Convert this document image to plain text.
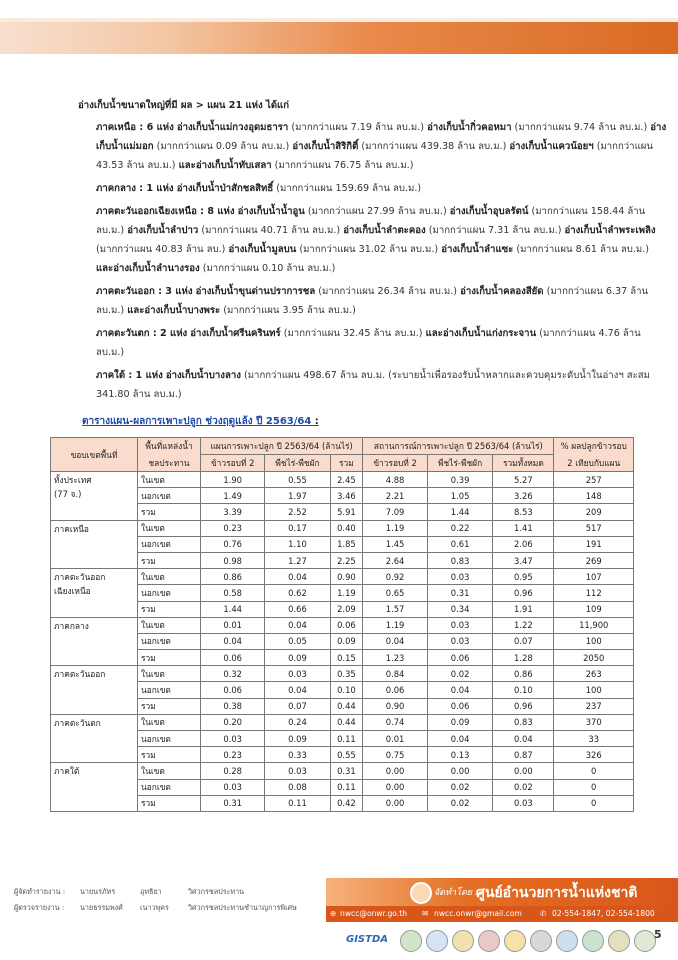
อ่างเก็บน้ำขนาดใหญ่ที่มี ผล > แผน 21 แห่ง ได้แก่
ภาคเหนือ : 6 แห่ง อ่างเก็บน้ำแม่กวงอุดมธารา (มากกว่าแผน 7.19 ล้าน ลบ.ม.) อ่างเก็บน้ำกิ่วคอหมา (มากกว่าแผน 9.74 ล้าน ลบ.ม.) อ่างเก็บน้ำแม่มอก (มากกว่าแผน 0.09 ล้าน ลบ.ม.) อ่างเก็บน้ำสิริกิติ์ (มากกว่าแผน 439.38 ล้าน ลบ.ม.) อ่างเก็บน้ำแควน้อยฯ (มากกว่าแผน 43.53 ล้าน ลบ.ม.) และอ่างเก็บน้ำทับเสลา (มากกว่าแผน 76.75 ล้าน ลบ.ม.)
ภาคกลาง : 1 แห่ง อ่างเก็บน้ำป่าสักชลสิทธิ์ (มากกว่าแผน 159.69 ล้าน ลบ.ม.)
ภาคตะวันออกเฉียงเหนือ : 8 แห่ง อ่างเก็บน้ำน้ำอูน (มากกว่าแผน 27.99 ล้าน ลบ.ม.) อ่างเก็บน้ำอุบลรัตน์ (มากกว่าแผน 158.44 ล้าน ลบ.ม.) อ่างเก็บน้ำลำปาว (มากกว่าแผน 40.71 ล้าน ลบ.ม.) อ่างเก็บน้ำลำตะคอง (มากกว่าแผน 7.31 ล้าน ลบ.ม.) อ่างเก็บน้ำลำพระเพลิง (มากกว่าแผน 40.83 ล้าน ลบ.) อ่างเก็บน้ำมูลบน (มากกว่าแผน 31.02 ล้าน ลบ.ม.) อ่างเก็บน้ำลำแซะ (มากกว่าแผน 8.61 ล้าน ลบ.ม.) และอ่างเก็บน้ำลำนางรอง (มากกว่าแผน 0.10 ล้าน ลบ.ม.)
ภาคตะวันออก : 3 แห่ง อ่างเก็บน้ำขุนด่านปราการชล (มากกว่าแผน 26.34 ล้าน ลบ.ม.) อ่างเก็บน้ำคลองสียัด (มากกว่าแผน 6.37 ล้าน ลบ.ม.) และอ่างเก็บน้ำบางพระ (มากกว่าแผน 3.95 ล้าน ลบ.ม.)
ภาคตะวันตก : 2 แห่ง อ่างเก็บน้ำศรีนครินทร์ (มากกว่าแผน 32.45 ล้าน ลบ.ม.) และอ่างเก็บน้ำแก่งกระจาน (มากกว่าแผน 4.76 ล้าน ลบ.ม.)
ภาคใต้ : 1 แห่ง อ่างเก็บน้ำบางลาง (มากกว่าแผน 498.67 ล้าน ลบ.ม. (ระบายน้ำเพื่อรองรับน้ำหลากและควบคุมระดับน้ำในอ่างฯ สะสม 341.80 ล้าน ลบ.ม.)
ตารางแผน-ผลการเพาะปลูก ช่วงฤดูแล้ง ปี 2563/64 :
ขอบเขตพื้นที่	พื้นที่แหล่งน้ำ	แผนการเพาะปลูก ปี 2563/64 (ล้านไร่)			สถานการณ์การเพาะปลูก ปี 2563/64 (ล้านไร่)			% ผลปลูกข้าวรอบ
	ชลประทาน	ข้าวรอบที่ 2	พืชไร่-พืชผัก	รวม	ข้าวรอบที่ 2	พืชไร่-พืชผัก	รวมทั้งหมด	2 เทียบกับแผน

ทั้งประเทศ
(77 จ.)	ในเขต	1.90	0.55	2.45	4.88	0.39	5.27	257
	นอกเขต	1.49	1.97	3.46	2.21	1.05	3.26	148
	รวม	3.39	2.52	5.91	7.09	1.44	8.53	209

ภาคเหนือ	ในเขต	0.23	0.17	0.40	1.19	0.22	1.41	517
	นอกเขต	0.76	1.10	1.85	1.45	0.61	2.06	191
	รวม	0.98	1.27	2.25	2.64	0.83	3.47	269

ภาคตะวันออก
เฉียงเหนือ	ในเขต	0.86	0.04	0.90	0.92	0.03	0.95	107
	นอกเขต	0.58	0.62	1.19	0.65	0.31	0.96	112
	รวม	1.44	0.66	2.09	1.57	0.34	1.91	109

ภาคกลาง	ในเขต	0.01	0.04	0.06	1.19	0.03	1.22	11,900
	นอกเขต	0.04	0.05	0.09	0.04	0.03	0.07	100
	รวม	0.06	0.09	0.15	1.23	0.06	1.28	2050

ภาคตะวันออก	ในเขต	0.32	0.03	0.35	0.84	0.02	0.86	263
	นอกเขต	0.06	0.04	0.10	0.06	0.04	0.10	100
	รวม	0.38	0.07	0.44	0.90	0.06	0.96	237

ภาคตะวันตก	ในเขต	0.20	0.24	0.44	0.74	0.09	0.83	370
	นอกเขต	0.03	0.09	0.11	0.01	0.04	0.04	33
	รวม	0.23	0.33	0.55	0.75	0.13	0.87	326

ภาคใต้	ในเขต	0.28	0.03	0.31	0.00	0.00	0.00	0
	นอกเขต	0.03	0.08	0.11	0.00	0.02	0.02	0
	รวม	0.31	0.11	0.42	0.00	0.02	0.03	0
ผู้จัดทำรายงาน : นายนรภัทร	อุทธิยา	วิศวกรชลประทาน
ผู้ตรวจรายงาน : นายธรรมพงศ์ เนาวพุคร	วิศวกรชลประทานชำนาญการพิเศษ
จัดทำโดย :
ศูนย์อำนวยการน้ำแห่งชาติ
⊕ nwcc@onwr.go.th ✉ nwcc.onwr@gmail.com ✆ 02-554-1847, 02-554-1800
GISTDA	5
